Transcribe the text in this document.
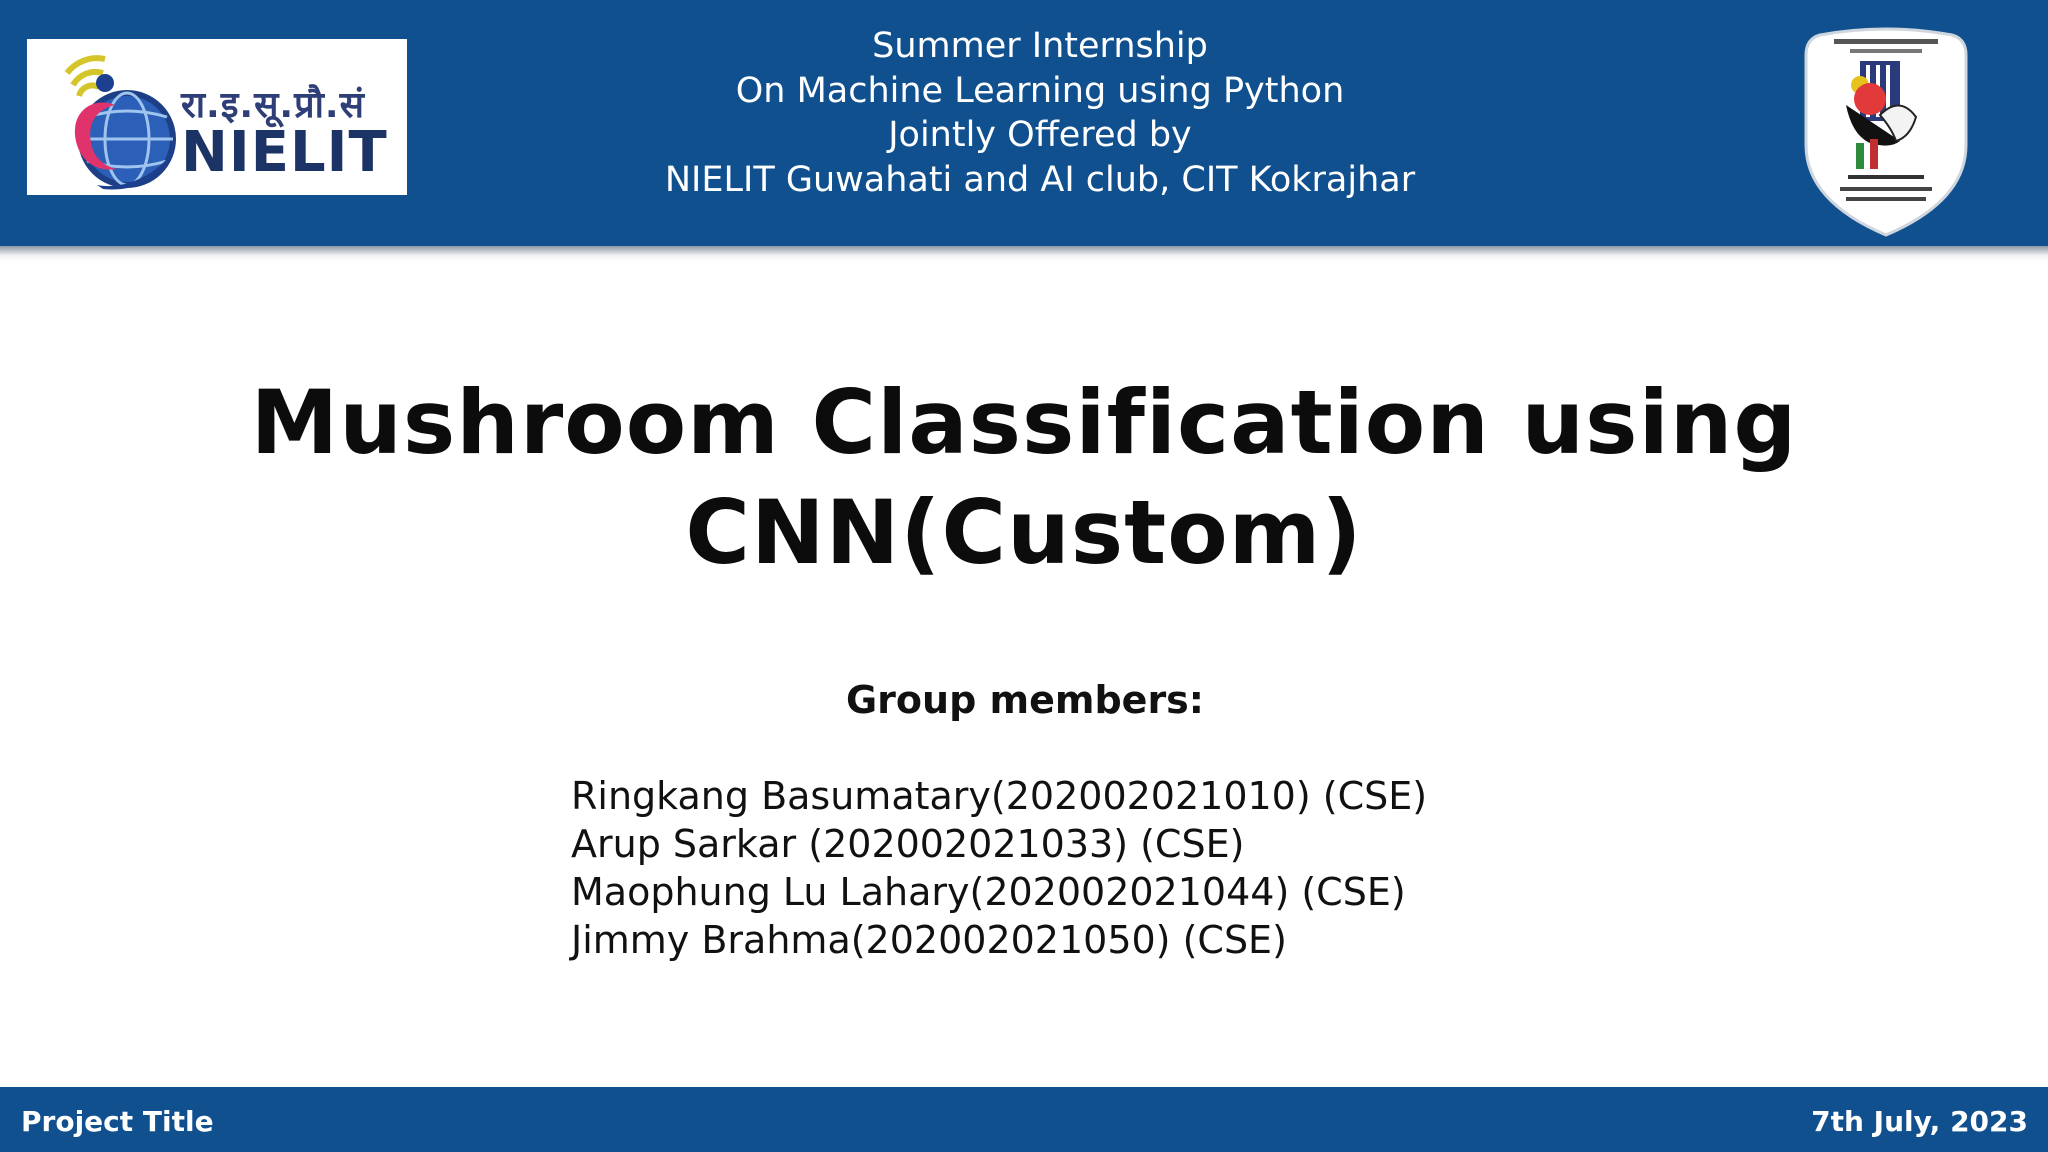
रा.इ.सू.प्रौ.सं
NIELIT
Summer Internship
On Machine Learning using Python
Jointly Offered by
NIELIT Guwahati and AI club, CIT Kokrajhar
Mushroom Classification using
CNN(Custom)
Group members:
Ringkang Basumatary(202002021010) (CSE)
Arup Sarkar (202002021033) (CSE)
Maophung Lu Lahary(202002021044) (CSE)
Jimmy Brahma(202002021050) (CSE)
Project Title	7th July, 2023
